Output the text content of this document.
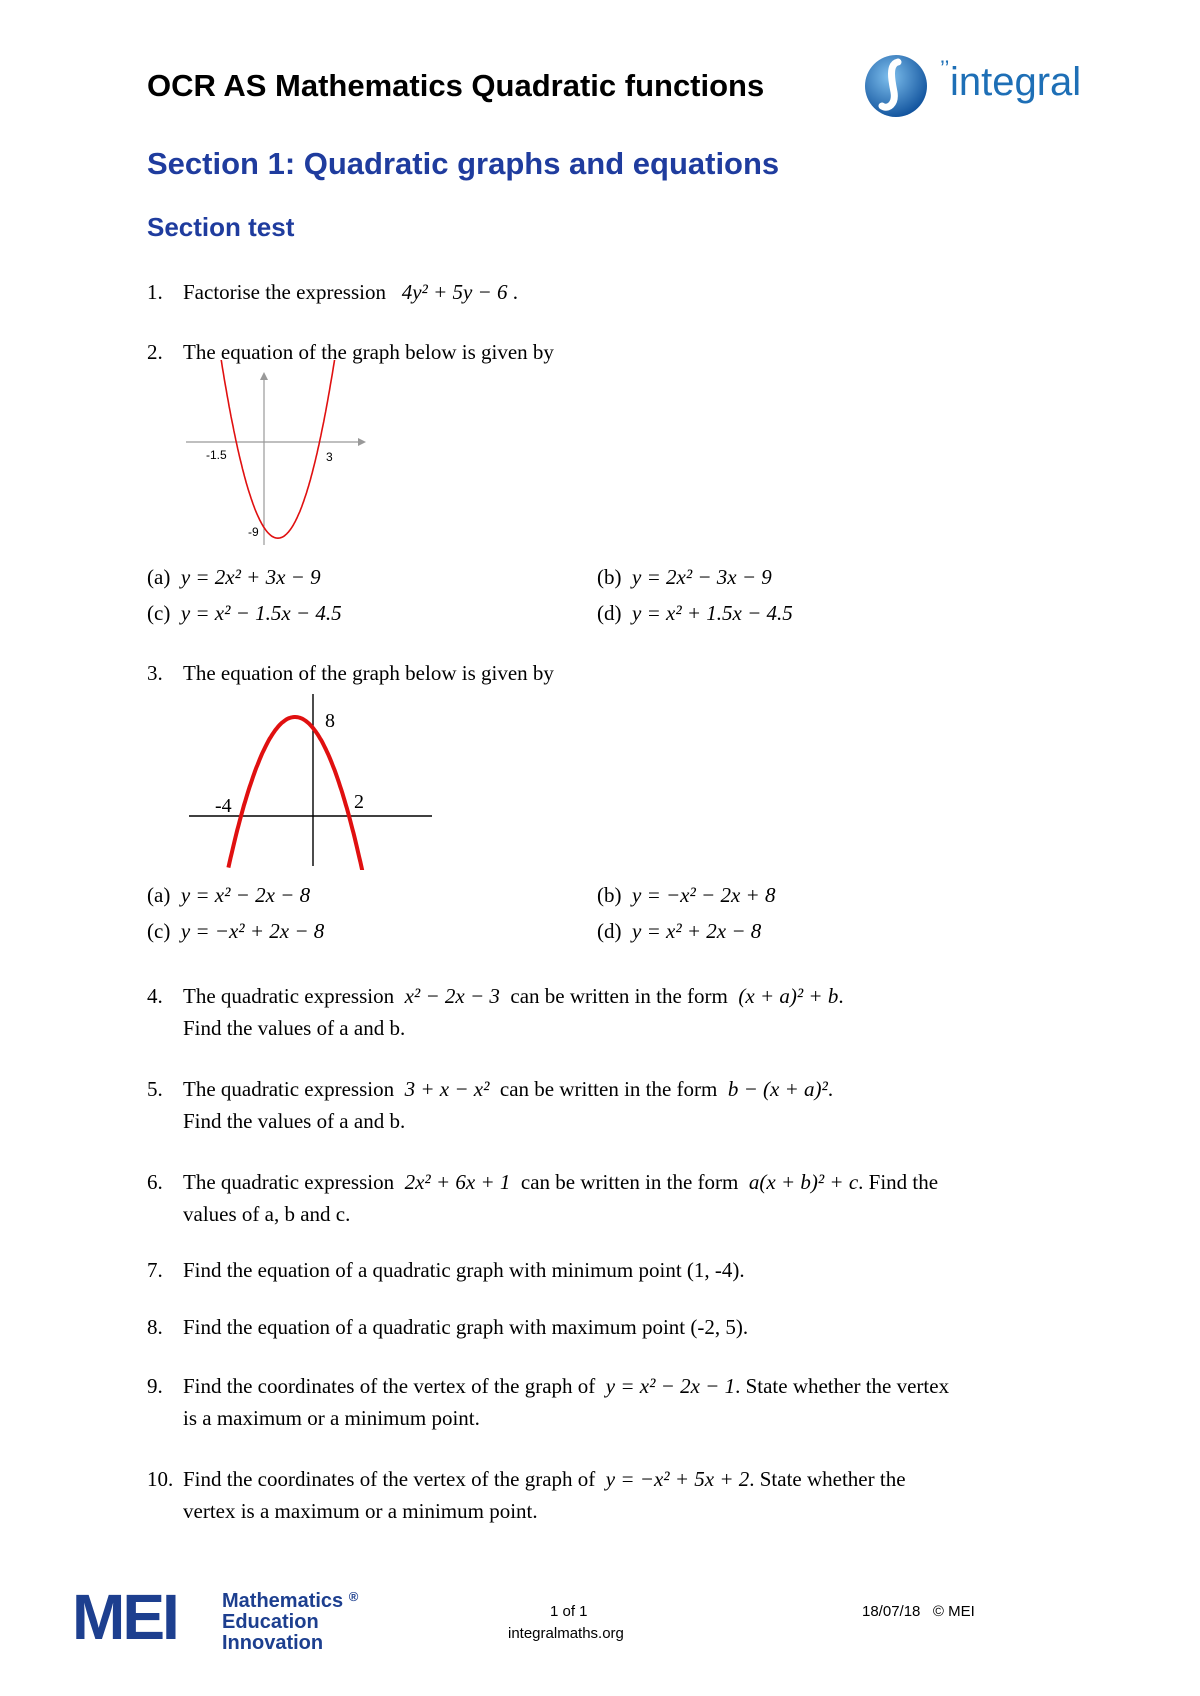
OCR AS Mathematics Quadratic functions	’’ integral
Section 1: Quadratic graphs and equations
Section test
1. Factorise the expression 4y² + 5y − 6 .
2. The equation of the graph below is given by
-1.5	3
-9
(a) y = 2x² + 3x − 9	(b) y = 2x² − 3x − 9
(c) y = x² − 1.5x − 4.5	(d) y = x² + 1.5x − 4.5
3. The equation of the graph below is given by
8
-4	2
(a) y = x² − 2x − 8	(b) y = −x² − 2x + 8
(c) y = −x² + 2x − 8	(d) y = x² + 2x − 8
4. The quadratic expression x² − 2x − 3 can be written in the form (x + a)² + b.
Find the values of a and b.
5. The quadratic expression 3 + x − x² can be written in the form b − (x + a)².
Find the values of a and b.
6. The quadratic expression 2x² + 6x + 1 can be written in the form a(x + b)² + c. Find the
values of a, b and c.
7. Find the equation of a quadratic graph with minimum point (1, -4).
8. Find the equation of a quadratic graph with maximum point (-2, 5).
9. Find the coordinates of the vertex of the graph of y = x² − 2x − 1. State whether the vertex
is a maximum or a minimum point.
10. Find the coordinates of the vertex of the graph of y = −x² + 5x + 2. State whether the
vertex is a maximum or a minimum point.
MEI Mathematics ®
Education
Innovation
1 of 1
integralmaths.org
18/07/18   © MEI
